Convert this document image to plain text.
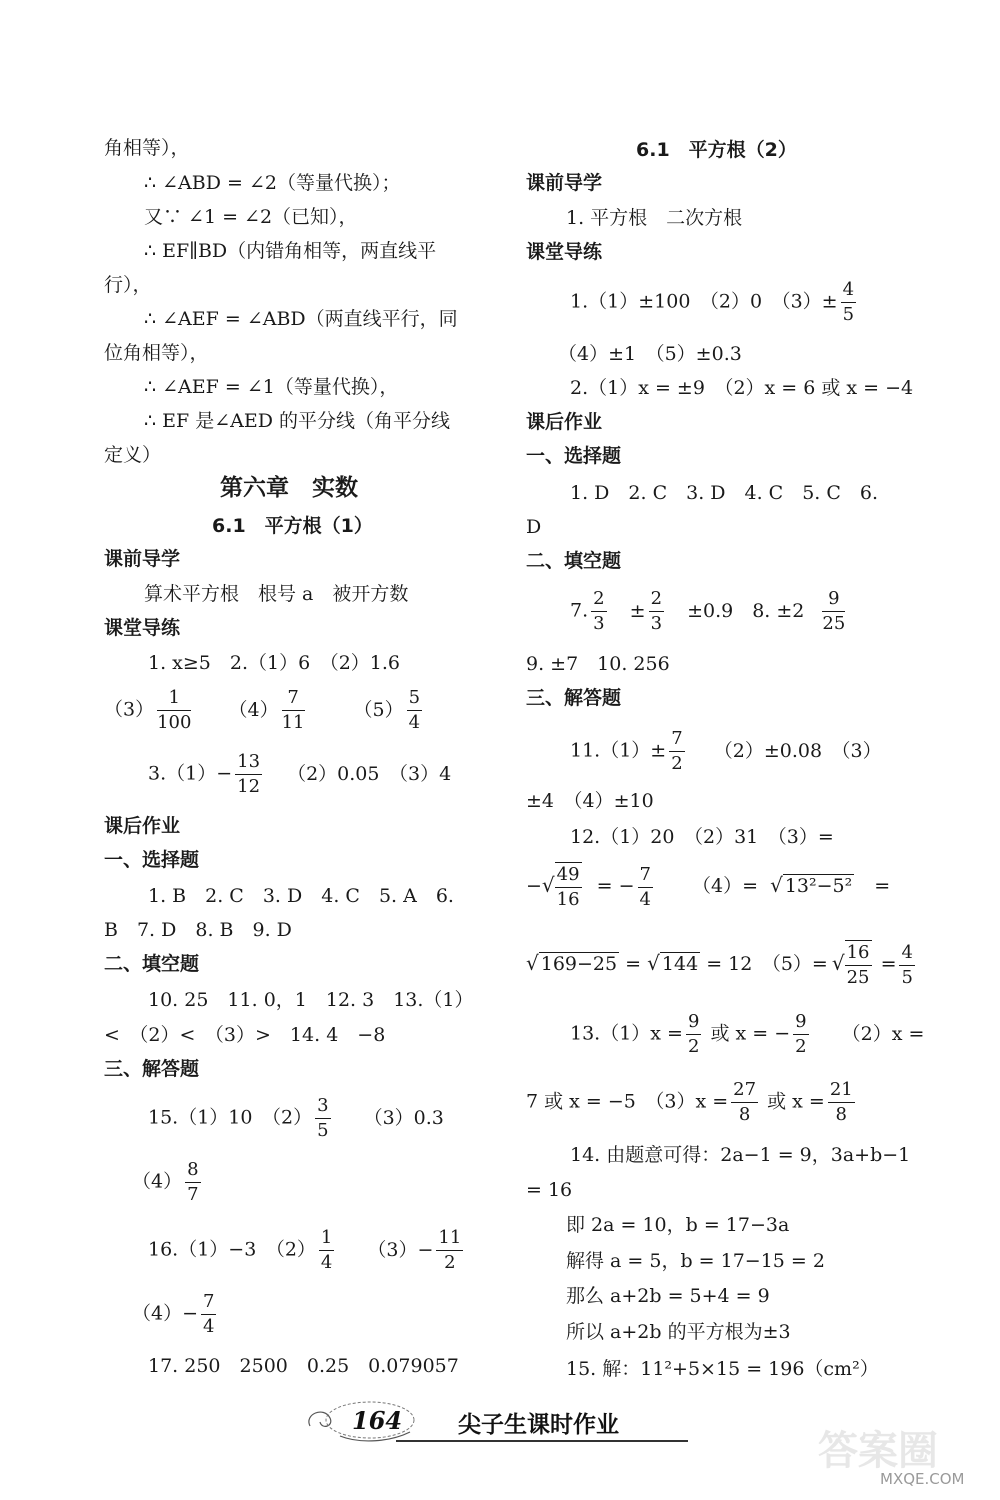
角相等），
∴ ∠ABD = ∠2（等量代换）；
又∵ ∠1 = ∠2（已知），
∴ EF∥BD（内错角相等，两直线平
行），
∴ ∠AEF = ∠ABD（两直线平行，同
位角相等），
∴ ∠AEF = ∠1（等量代换），
∴ EF 是∠AED 的平分线（角平分线
定义）
第六章　实数
6.1　平方根（1）
课前导学
算术平方根　根号 a　被开方数
课堂导练
1. x≥5　2.（1）6　（2）1.6
$(3) \frac{1}{100} (4) \frac{7}{11}$	$(5) \frac{5}{4}$
$3.(1)- \frac{13}{12} (2)0.05$　（3）4
课后作业
一、选择题
1. B　2. C　3. D　4. C　5. A　6.
B　7. D　8. B　9. D
二、填空题
10. 25　11. 0，1　12. 3　13.（1）
<　（2）<　（3）>　14. 4　−8
三、解答题
15.（1）10　$(2) \frac{3}{5} (3)0.3$
$(4) \frac{8}{7}$
16.（1）−3　$(2) \frac{1}{4} (3)- \frac{11}{2}$
$(4)- \frac{7}{4}$
17. 250　2500　0.25　0.079057
6.1　平方根（2）
课前导学
1. 平方根　二次方根
课堂导练
1.（1）±100　（2）0　$(3)\pm \frac{4}{5}$
（4）±1　（5）±0.3
2.（1）x = ±9　（2）x = 6 或 x = −4
课后作业
一、选择题
1. D　2. C　3. D　4. C　5. C　6.
D
二、填空题
7. $\frac{2}{3} \pm \frac{2}{3} \pm 0.9$　8. $\pm 2 \frac{9}{25}$
9. ±7　10. 256
三、解答题
$11.(1)\pm \frac{7}{2} (2)\pm 0.08$　（3）
±4　（4）±10
12.（1）20　（2）31　（3）=
−√ $\frac{49}{16}$ = − $\frac{7}{4} (4)=$ √ 13²−5² =
√ 169−25 = √ 144 = 12　（5）= √ $\frac{16}{25} = \frac{4}{5}$
$13.(1)x = \frac{9}{2}$ 或 x = − $\frac{9}{2} (2)x$ =
7 或 x = −5　$(3)x = \frac{27}{8}$ 或 $x = \frac{21}{8}$
14. 由题意可得：2a−1 = 9，3a+b−1
= 16
即 2a = 10，b = 17−3a
解得 a = 5，b = 17−15 = 2
那么 a+2b = 5+4 = 9
所以 a+2b 的平方根为±3
15. 解：11²+5×15 = 196（cm²）
164 尖子生课时作业
答案圈
MXQE.COM
